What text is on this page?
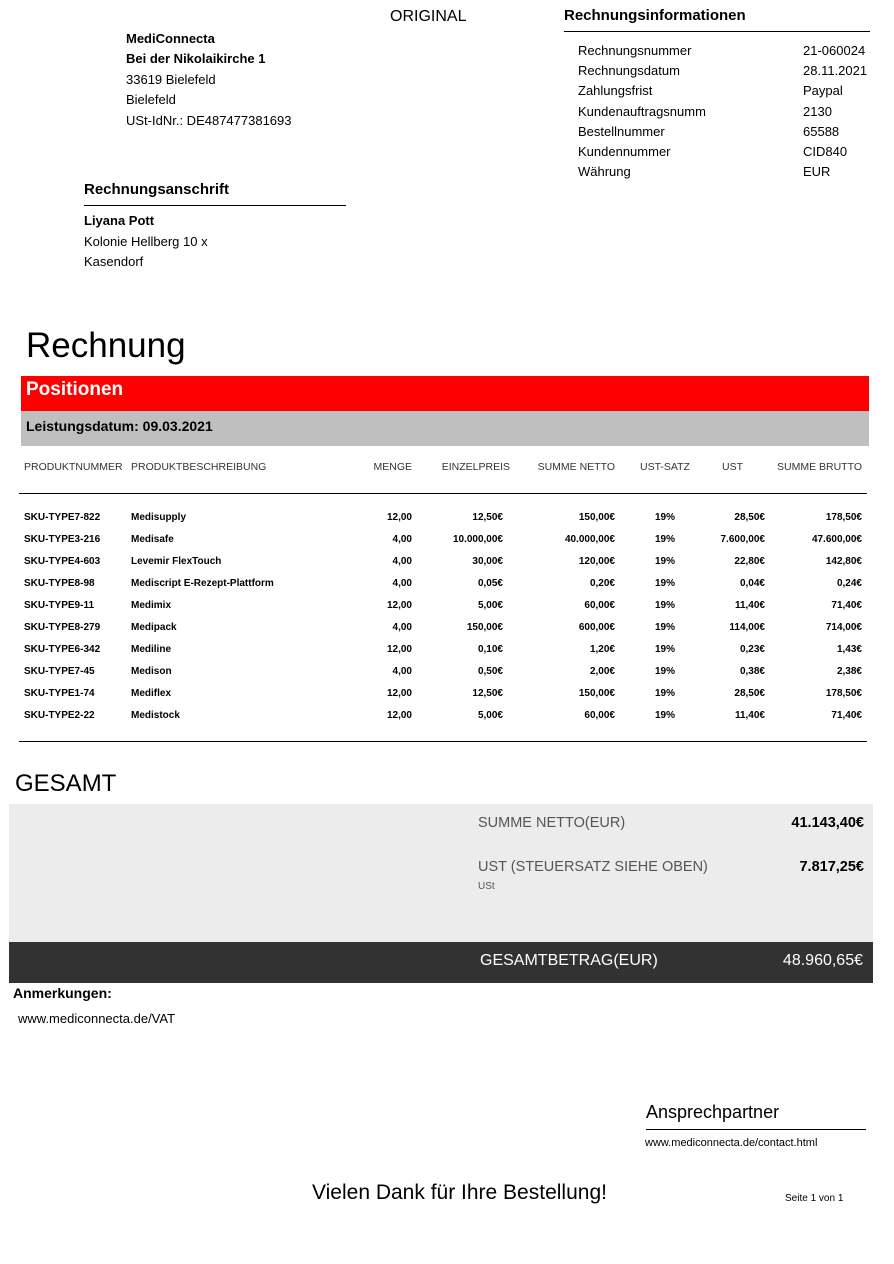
ORIGINAL
MediConnecta
Bei der Nikolaikirche 1
33619 Bielefeld
Bielefeld
USt-IdNr.: DE487477381693
Rechnungsinformationen
Rechnungsnummer	21-060024
Rechnungsdatum	28.11.2021
Zahlungsfrist	Paypal
Kundenauftragsnumm	2130
Bestellnummer	65588
Kundennummer	CID840
Währung	EUR
Rechnungsanschrift
Liyana Pott
Kolonie Hellberg 10 x
Kasendorf
Rechnung
Positionen
Leistungsdatum: 09.03.2021
PRODUKTNUMMER PRODUKTBESCHREIBUNG	MENGE	EINZELPREIS	SUMME NETTO	UST-SATZ	UST	SUMME BRUTTO
SKU-TYPE7-822	Medisupply	12,00	12,50€	150,00€	19%	28,50€	178,50€
SKU-TYPE3-216	Medisafe	4,00	10.000,00€	40.000,00€	19%	7.600,00€	47.600,00€
SKU-TYPE4-603	Levemir FlexTouch	4,00	30,00€	120,00€	19%	22,80€	142,80€
SKU-TYPE8-98	Mediscript E-Rezept-Plattform	4,00	0,05€	0,20€	19%	0,04€	0,24€
SKU-TYPE9-11	Medimix	12,00	5,00€	60,00€	19%	11,40€	71,40€
SKU-TYPE8-279	Medipack	4,00	150,00€	600,00€	19%	114,00€	714,00€
SKU-TYPE6-342	Mediline	12,00	0,10€	1,20€	19%	0,23€	1,43€
SKU-TYPE7-45	Medison	4,00	0,50€	2,00€	19%	0,38€	2,38€
SKU-TYPE1-74	Mediflex	12,00	12,50€	150,00€	19%	28,50€	178,50€
SKU-TYPE2-22	Medistock	12,00	5,00€	60,00€	19%	11,40€	71,40€
GESAMT
SUMME NETTO(EUR)	41.143,40€
UST (STEUERSATZ SIEHE OBEN)	7.817,25€
USt
GESAMTBETRAG(EUR)	48.960,65€
Anmerkungen:
www.mediconnecta.de/VAT
Ansprechpartner
www.mediconnecta.de/contact.html
Vielen Dank für Ihre Bestellung!	Seite 1 von 1
